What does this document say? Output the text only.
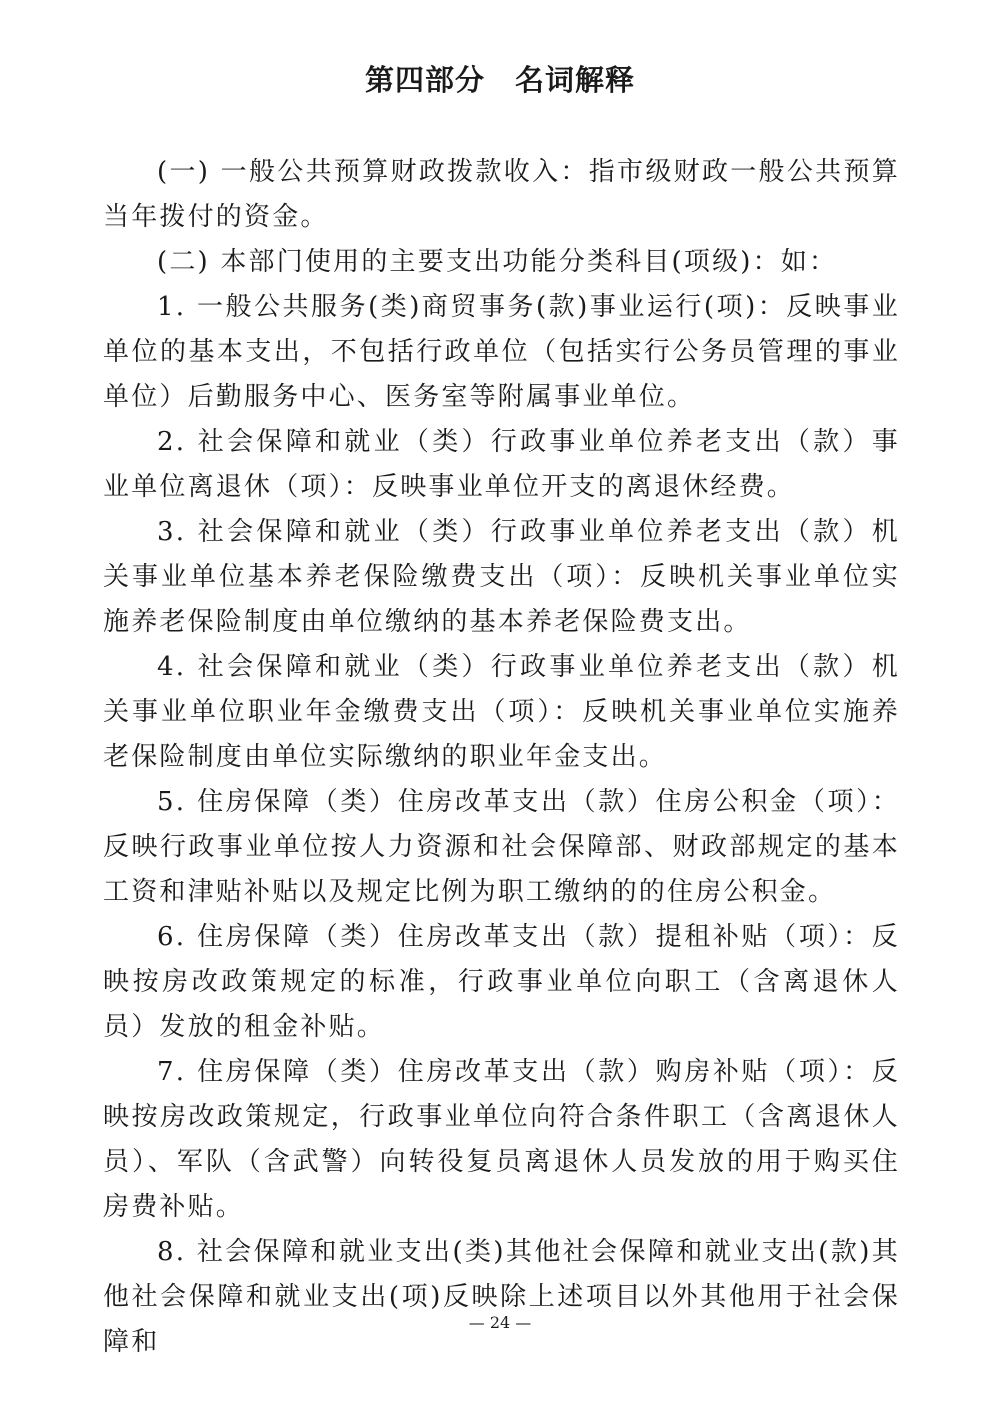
第四部分　名词解释

(一) 一般公共预算财政拨款收入：指市级财政一般公共预算当年拨付的资金。

(二) 本部门使用的主要支出功能分类科目(项级)：如：

1. 一般公共服务(类)商贸事务(款)事业运行(项)：反映事业单位的基本支出，不包括行政单位（包括实行公务员管理的事业单位）后勤服务中心、医务室等附属事业单位。

2. 社会保障和就业（类）行政事业单位养老支出（款）事业单位离退休（项）：反映事业单位开支的离退休经费。

3. 社会保障和就业（类）行政事业单位养老支出（款）机关事业单位基本养老保险缴费支出（项）：反映机关事业单位实施养老保险制度由单位缴纳的基本养老保险费支出。

4. 社会保障和就业（类）行政事业单位养老支出（款）机关事业单位职业年金缴费支出（项）：反映机关事业单位实施养老保险制度由单位实际缴纳的职业年金支出。

5. 住房保障（类）住房改革支出（款）住房公积金（项）：反映行政事业单位按人力资源和社会保障部、财政部规定的基本工资和津贴补贴以及规定比例为职工缴纳的的住房公积金。

6. 住房保障（类）住房改革支出（款）提租补贴（项）：反映按房改政策规定的标准，行政事业单位向职工（含离退休人员）发放的租金补贴。

7. 住房保障（类）住房改革支出（款）购房补贴（项）：反映按房改政策规定，行政事业单位向符合条件职工（含离退休人员）、军队（含武警）向转役复员离退休人员发放的用于购买住房费补贴。

8. 社会保障和就业支出(类)其他社会保障和就业支出(款)其他社会保障和就业支出(项)反映除上述项目以外其他用于社会保障和

— 24 —
